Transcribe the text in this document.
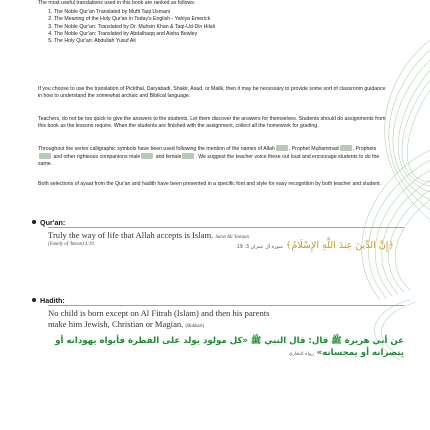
The most useful translations used in this book are ranked as follows:

1. The Noble Qur'an Translated by Mufti Taqi Usmani
2. The Meaning of the Holy Qur'an in Today's English - Yahiya Emerick
3. The Noble Qur'an: Translated by Dr. Muhsin Khan & Taqi-Ud-Din Hilali
4. The Noble Qur'an: Translated by Abdalhaqq and Aisha Bewley
5. The Holy Qur'an: Abdullah Yusuf Ali

If you choose to use the translation of Pickthal, Daryabadi, Shakir, Asad, or Malik, then it may be necessary to provide some sort of classroom guidance in how to understand the somewhat archaic and Biblical language.

Teachers, do not be too quick to give the answers to the students. Let them discover the answers for themselves. Students should do assignments from this book as the lessons require. When the students are finished with the assignment, collect all the homework for grading.

Throughout the series calligraphic symbols have been used following the mention of the names of Allah	, Prophet Muhammad	, Prophets and other righteous companions male	and female	. We suggest the teacher voice these out loud and encourage students to do the same.

Both selections of ayaat from the Qur'an and hadith have been presented in a specific font and style for easy recognition by both teacher and student.

Qur'an:
Truly the way of life that Allah accepts is Islam. Surat Ali 'Imraan
(Family of 'Imran) 3:19	﴿إِنَّ الدِّينَ عِندَ اللَّهِ الإِسْلَامُ﴾ سورة آل عمران 3: 19
Hadith:
No child is born except on Al Fitrah (Islam) and then his parents
make him Jewish, Christian or Magian. (Bukhari)
عن أبي هريرة ﷺ قال: قال النبي ﷺ «كل مولود يولد على الفطرة فأبواه يهودانه أو
ينصرانه أو يمجسانه» رواه البخاري
